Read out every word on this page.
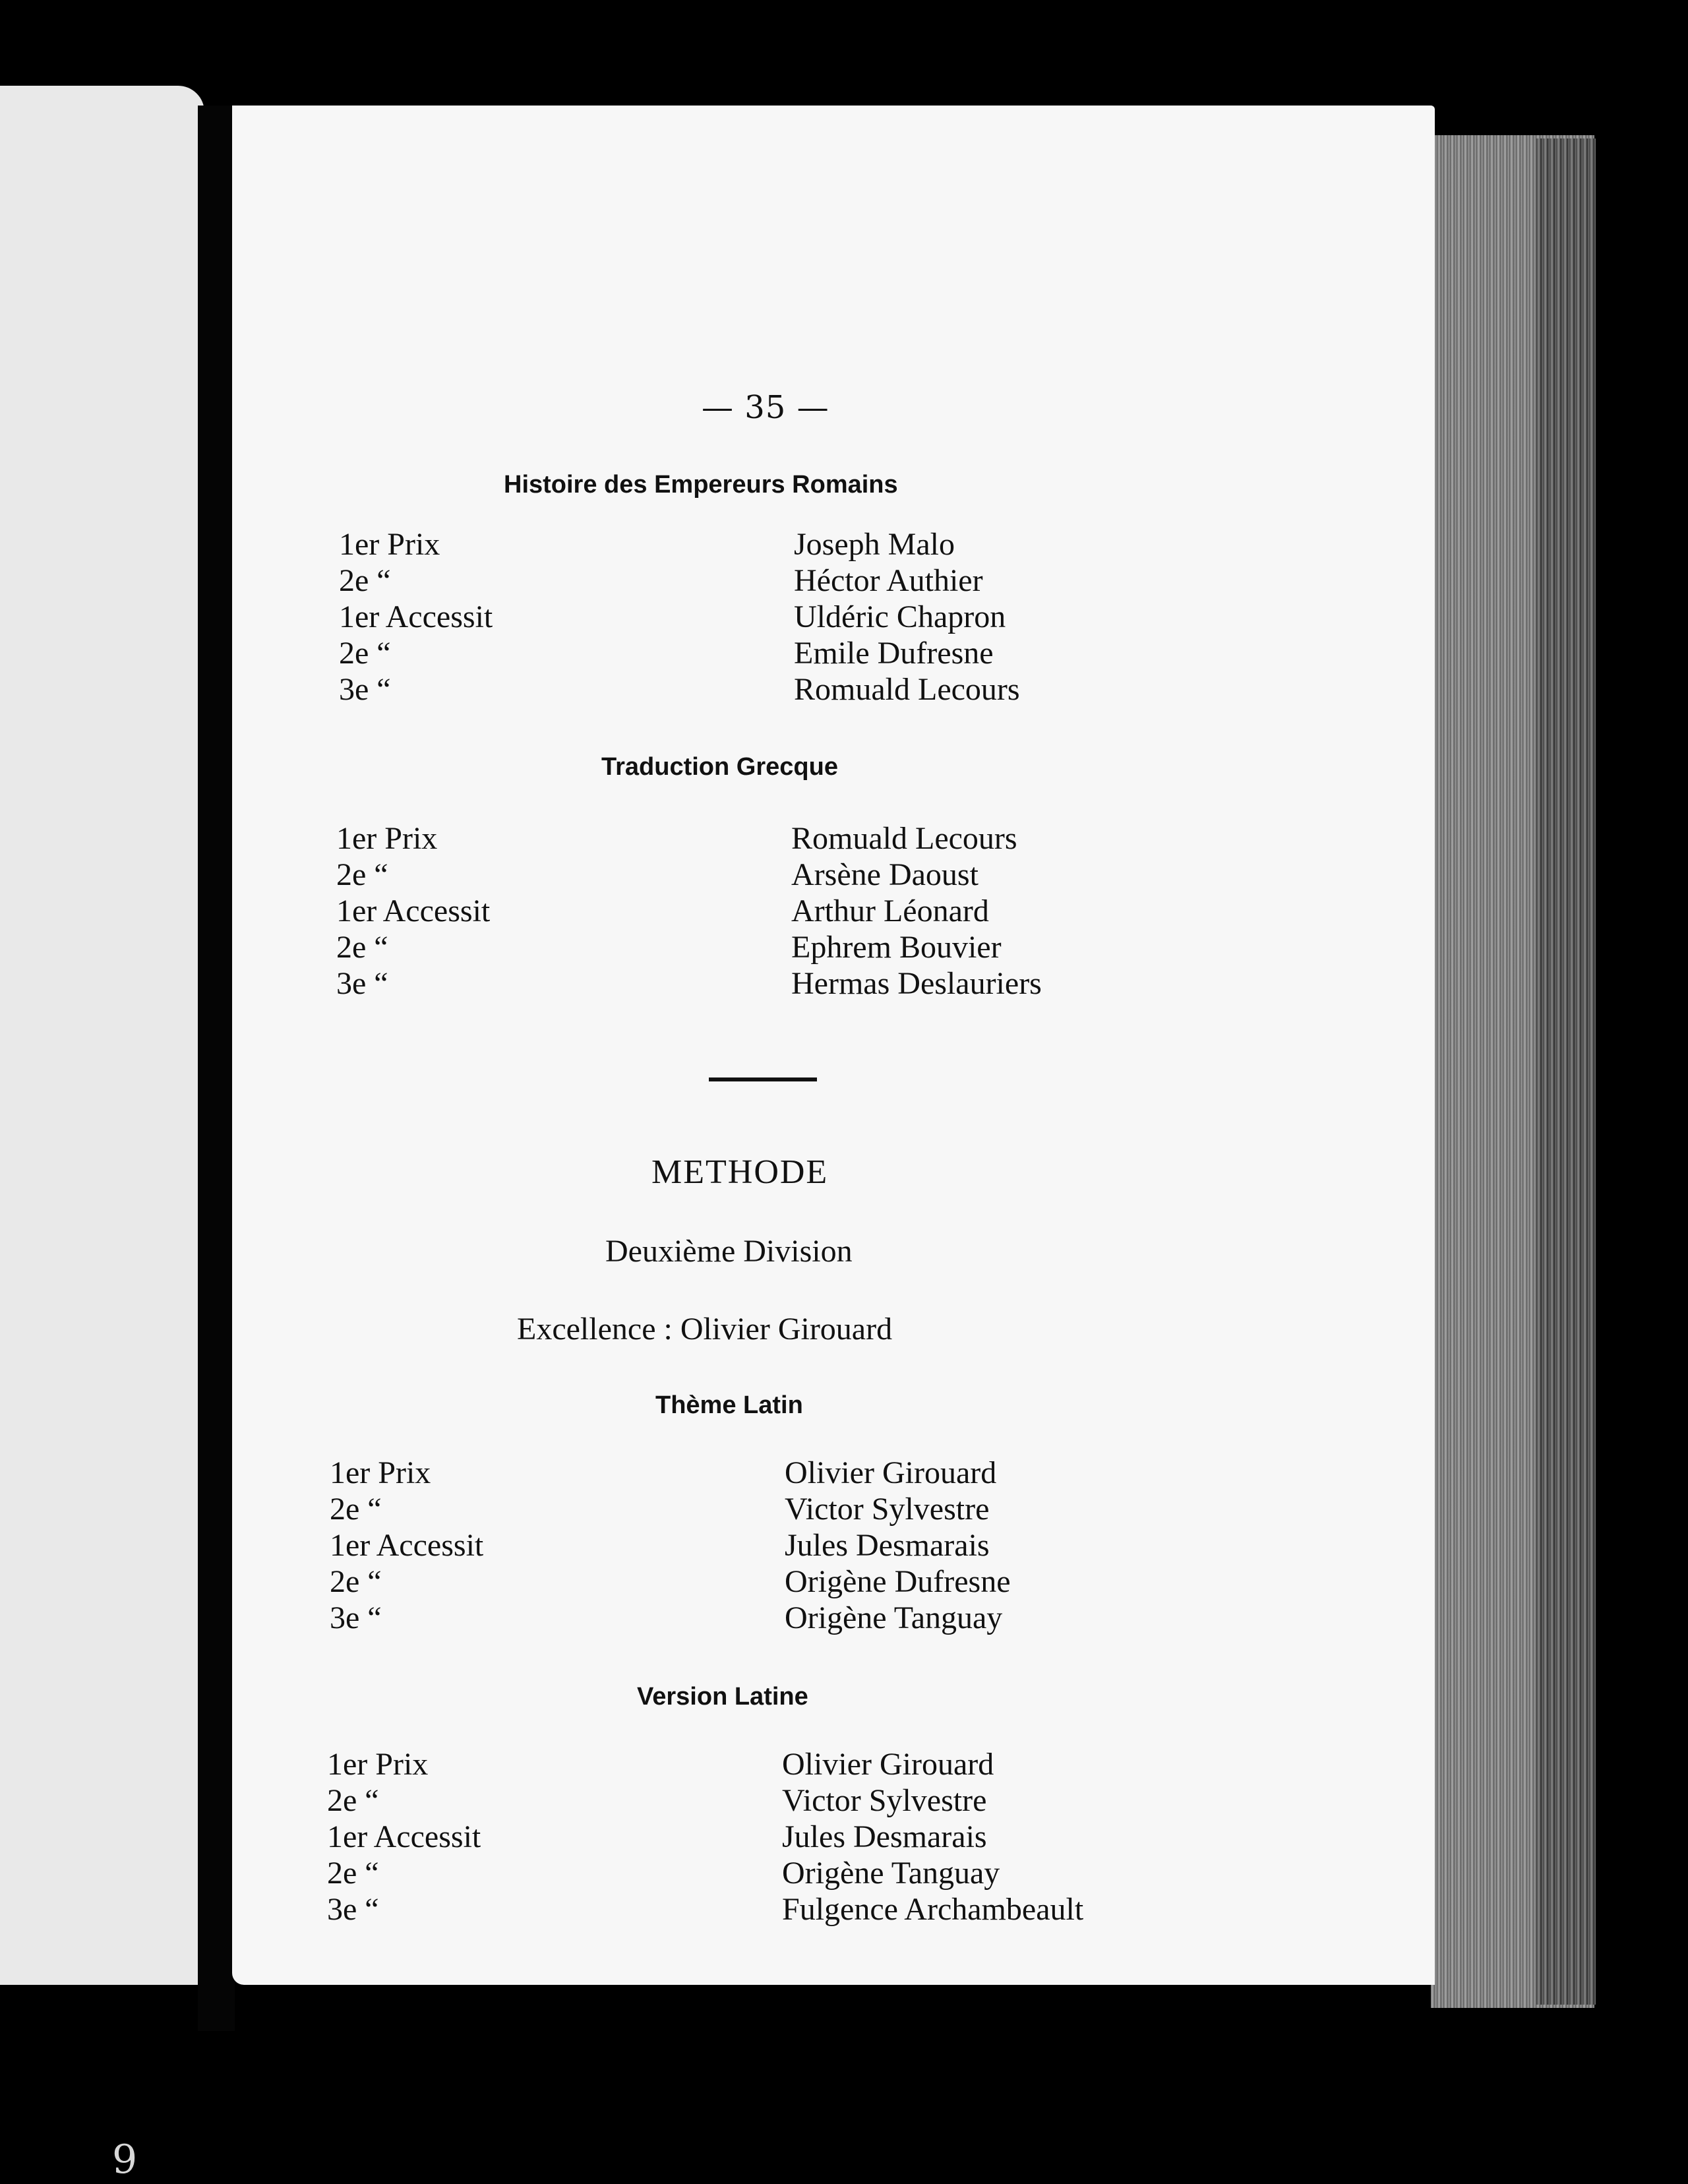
9

— 35 —

Histoire des Empereurs Romains

1er Prix	Joseph Malo
2e “	Héctor Authier
1er Accessit	Uldéric Chapron
2e “	Emile Dufresne
3e “	Romuald Lecours

Traduction Grecque

1er Prix	Romuald Lecours
2e “	Arsène Daoust
1er Accessit	Arthur Léonard
2e “	Ephrem Bouvier
3e “	Hermas Deslauriers

METHODE

Deuxième Division

Excellence : Olivier Girouard

Thème Latin

1er Prix	Olivier Girouard
2e “	Victor Sylvestre
1er Accessit	Jules Desmarais
2e “	Origène Dufresne
3e “	Origène Tanguay

Version Latine

1er Prix	Olivier Girouard
2e “	Victor Sylvestre
1er Accessit	Jules Desmarais
2e “	Origène Tanguay
3e “	Fulgence Archambeault
